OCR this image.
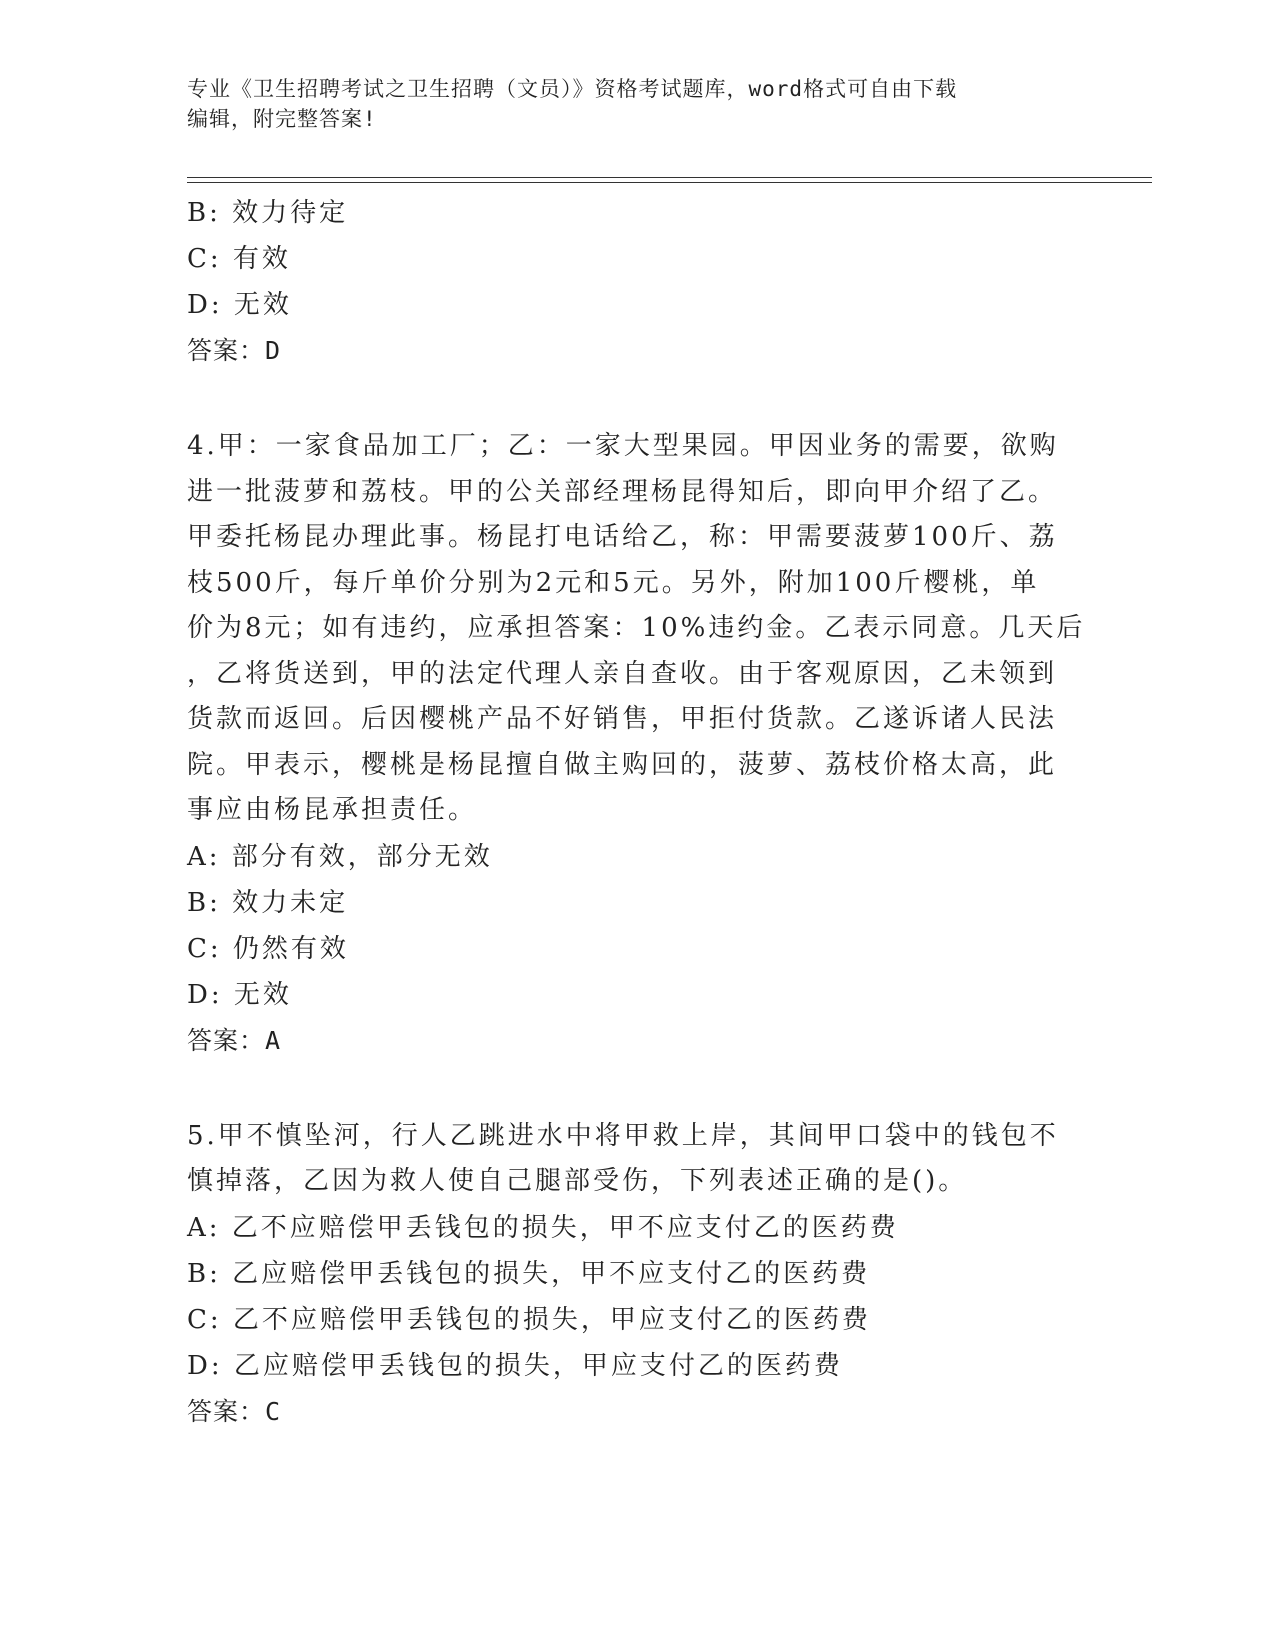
专业《卫生招聘考试之卫生招聘（文员）》资格考试题库，word格式可自由下载
编辑，附完整答案!
B: 效力待定
C: 有效
D: 无效
答案：D
4.甲：一家食品加工厂；乙：一家大型果园。甲因业务的需要，欲购
进一批菠萝和荔枝。甲的公关部经理杨昆得知后，即向甲介绍了乙。
甲委托杨昆办理此事。杨昆打电话给乙，称：甲需要菠萝100斤、荔
枝500斤，每斤单价分别为2元和5元。另外，附加100斤樱桃，单
价为8元；如有违约，应承担答案：10%违约金。乙表示同意。几天后
，乙将货送到，甲的法定代理人亲自查收。由于客观原因，乙未领到
货款而返回。后因樱桃产品不好销售，甲拒付货款。乙遂诉诸人民法
院。甲表示，樱桃是杨昆擅自做主购回的，菠萝、荔枝价格太高，此
事应由杨昆承担责任。
A: 部分有效，部分无效
B: 效力未定
C: 仍然有效
D: 无效
答案：A
5.甲不慎坠河，行人乙跳进水中将甲救上岸，其间甲口袋中的钱包不
慎掉落，乙因为救人使自己腿部受伤，下列表述正确的是()。
A: 乙不应赔偿甲丢钱包的损失，甲不应支付乙的医药费
B: 乙应赔偿甲丢钱包的损失，甲不应支付乙的医药费
C: 乙不应赔偿甲丢钱包的损失，甲应支付乙的医药费
D: 乙应赔偿甲丢钱包的损失，甲应支付乙的医药费
答案：C
